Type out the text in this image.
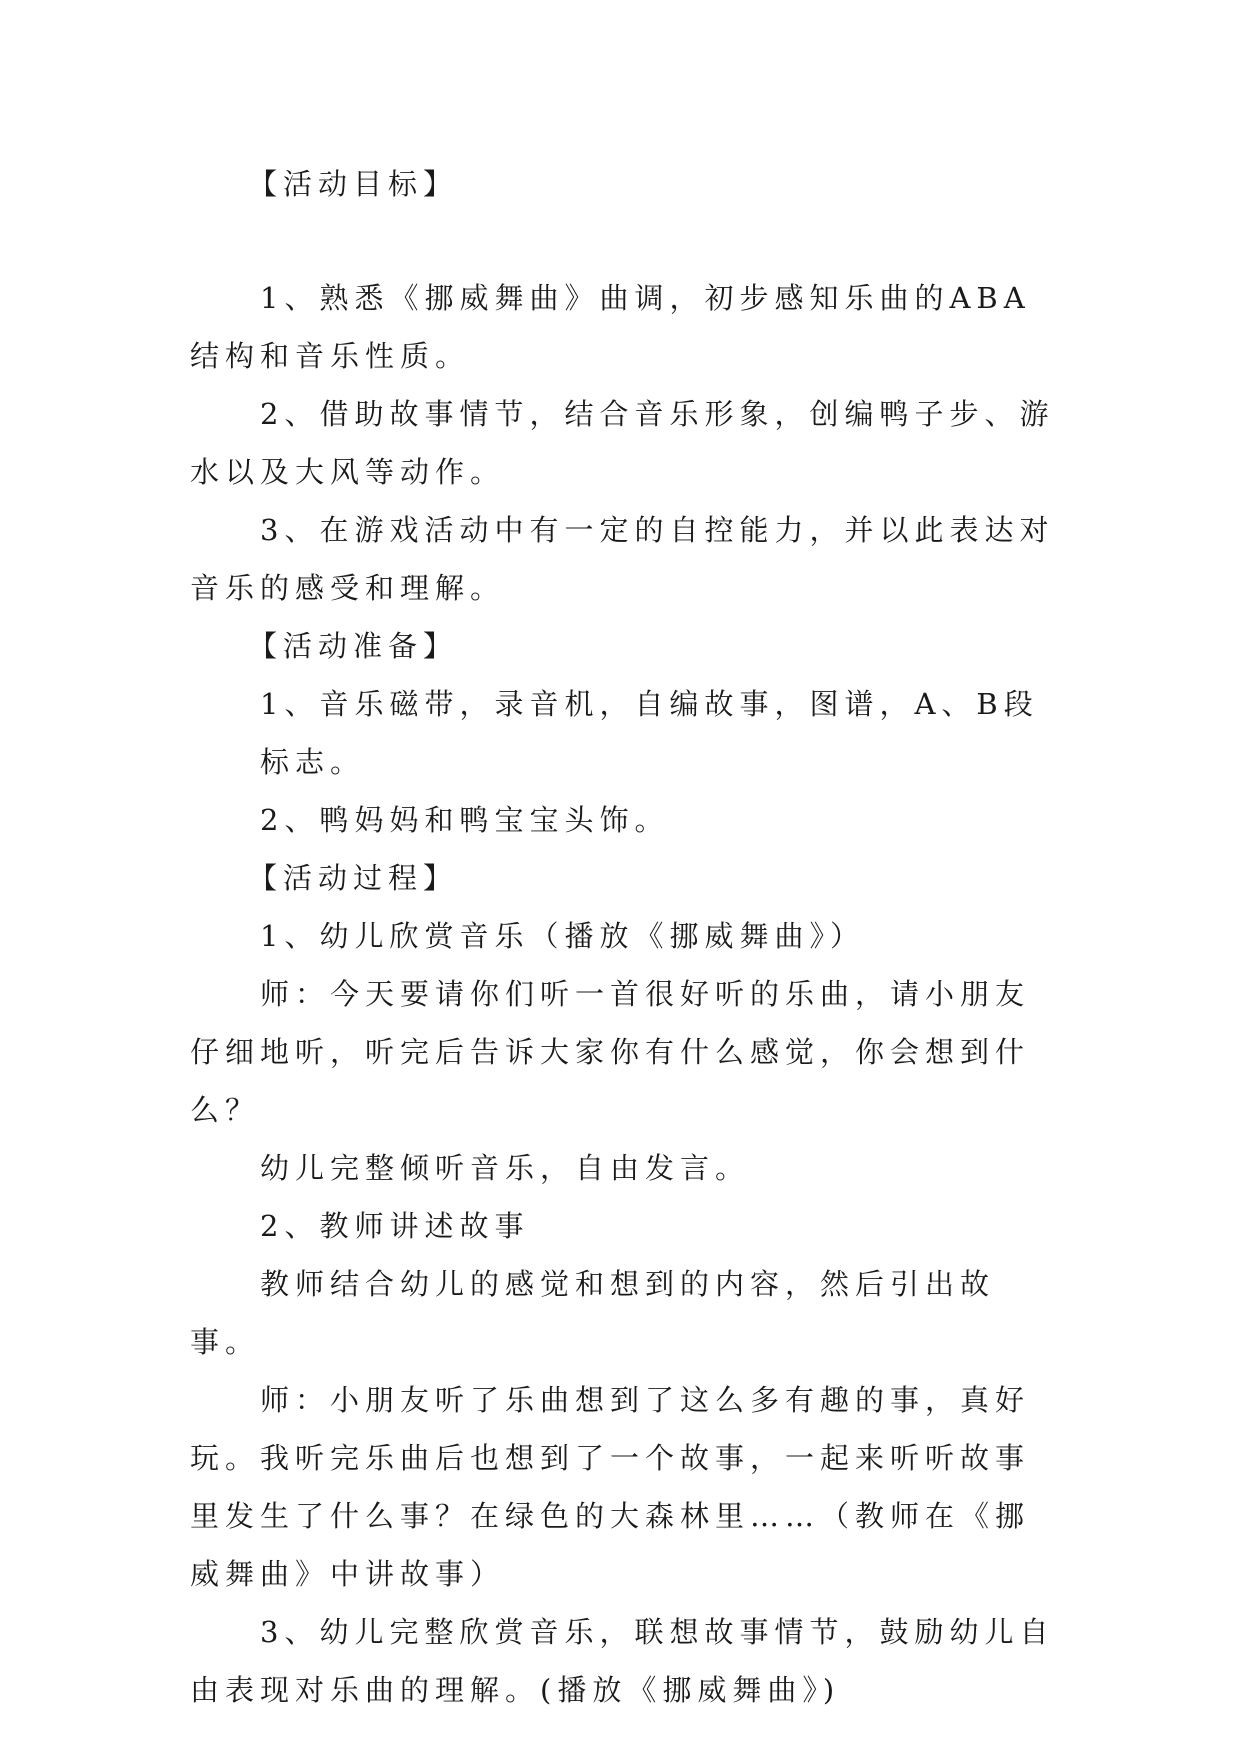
【活动目标】

1、熟悉《挪威舞曲》曲调，初步感知乐曲的ABA结构和音乐性质。

2、借助故事情节，结合音乐形象，创编鸭子步、游水以及大风等动作。

3、在游戏活动中有一定的自控能力，并以此表达对音乐的感受和理解。

【活动准备】

1、音乐磁带，录音机，自编故事，图谱，A、B段标志。

2、鸭妈妈和鸭宝宝头饰。

【活动过程】

1、幼儿欣赏音乐（播放《挪威舞曲》）

师：今天要请你们听一首很好听的乐曲，请小朋友仔细地听，听完后告诉大家你有什么感觉，你会想到什么？

幼儿完整倾听音乐，自由发言。

2、教师讲述故事

教师结合幼儿的感觉和想到的内容，然后引出故事。

师：小朋友听了乐曲想到了这么多有趣的事，真好玩。我听完乐曲后也想到了一个故事，一起来听听故事里发生了什么事？在绿色的大森林里……（教师在《挪威舞曲》中讲故事）

3、幼儿完整欣赏音乐，联想故事情节，鼓励幼儿自由表现对乐曲的理解。(播放《挪威舞曲》)
